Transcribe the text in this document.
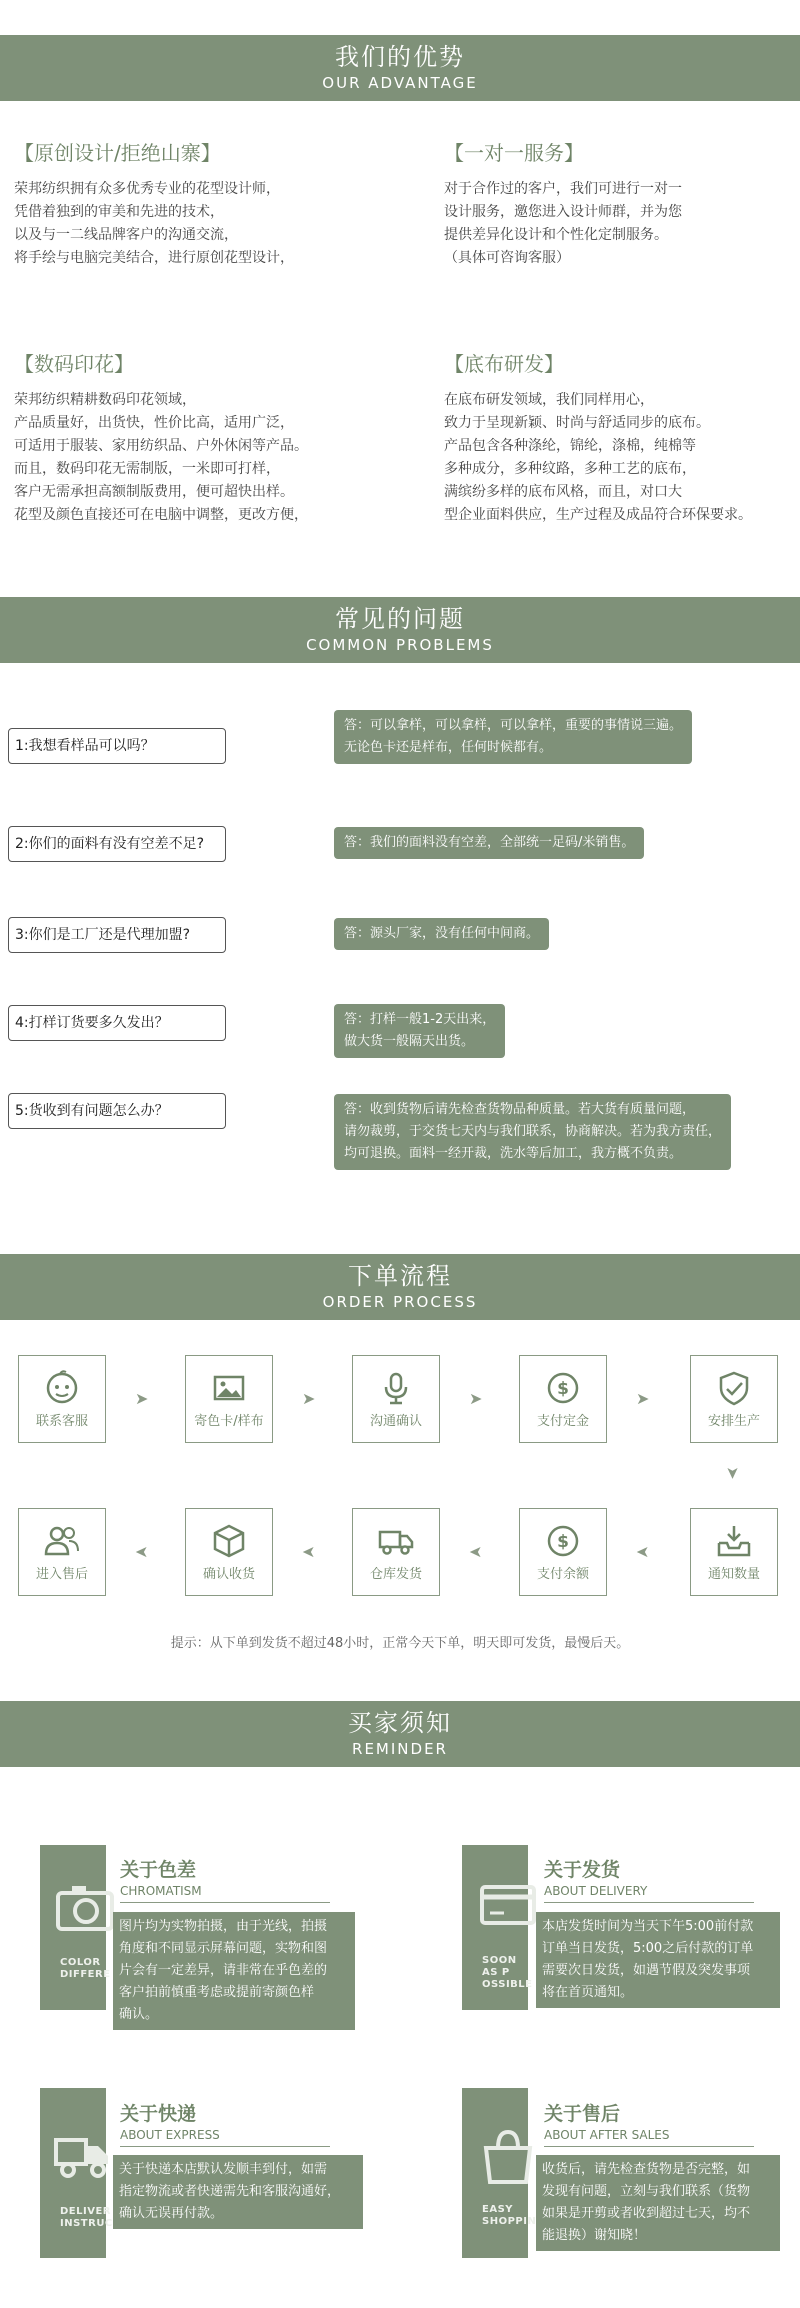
我们的优势
OUR ADVANTAGE
【原创设计/拒绝山寨】
荣邦纺织拥有众多优秀专业的花型设计师，
凭借着独到的审美和先进的技术，
以及与一二线品牌客户的沟通交流，
将手绘与电脑完美结合，进行原创花型设计，
【一对一服务】
对于合作过的客户，我们可进行一对一
设计服务，邀您进入设计师群，并为您
提供差异化设计和个性化定制服务。
（具体可咨询客服）
【数码印花】
荣邦纺织精耕数码印花领域，
产品质量好，出货快，性价比高，适用广泛，
可适用于服装、家用纺织品、户外休闲等产品。
而且，数码印花无需制版，一米即可打样，
客户无需承担高额制版费用，便可超快出样。
花型及颜色直接还可在电脑中调整，更改方便，
【底布研发】
在底布研发领域，我们同样用心，
致力于呈现新颖、时尚与舒适同步的底布。
产品包含各种涤纶，锦纶，涤棉，纯棉等
多种成分，多种纹路，多种工艺的底布，
满缤纷多样的底布风格，而且，对口大
型企业面料供应，生产过程及成品符合环保要求。
常见的问题
COMMON PROBLEMS
1:我想看样品可以吗？
答：可以拿样，可以拿样，可以拿样，重要的事情说三遍。
无论色卡还是样布，任何时候都有。
2:你们的面料有没有空差不足?	答：我们的面料没有空差，全部统一足码/米销售。
3:你们是工厂还是代理加盟?	答：源头厂家，没有任何中间商。
4:打样订货要多久发出？	答：打样一般1-2天出来，
做大货一般隔天出货。
5:货收到有问题怎么办？	答：收到货物后请先检查货物品种质量。若大货有质量问题，
请勿裁剪，于交货七天内与我们联系，协商解决。若为我方责任，
均可退换。面料一经开裁，洗水等后加工，我方概不负责。
下单流程
ORDER PROCESS
联系客服
➤
寄色卡/样布
➤
沟通确认
➤	$
支付定金
➤
安排生产
➤
进入售后
➤
确认收货
➤
仓库发货
➤
$
支付余额
➤
通知数量
提示：从下单到发货不超过48小时，正常今天下单，明天即可发货，最慢后天。
买家须知
REMINDER
COLOR
DIFFERE
关于色差
CHROMATISM
图片均为实物拍摄，由于光线，拍摄
角度和不同显示屏幕问题，实物和图
片会有一定差异，请非常在乎色差的
客户拍前慎重考虑或提前寄颜色样
确认。
SOON
AS P
OSSIBLE
关于发货
ABOUT DELIVERY
本店发货时间为当天下午5:00前付款
订单当日发货，5:00之后付款的订单
需要次日发货，如遇节假及突发事项
将在首页通知。
DELIVER
INSTRUC
关于快递
ABOUT EXPRESS
关于快递本店默认发顺丰到付，如需
指定物流或者快递需先和客服沟通好，
确认无误再付款。	EASY
SHOPPIN
关于售后
ABOUT AFTER SALES
收货后，请先检查货物是否完整，如
发现有问题，立刻与我们联系（货物
如果是开剪或者收到超过七天，均不
能退换）谢知晓！
